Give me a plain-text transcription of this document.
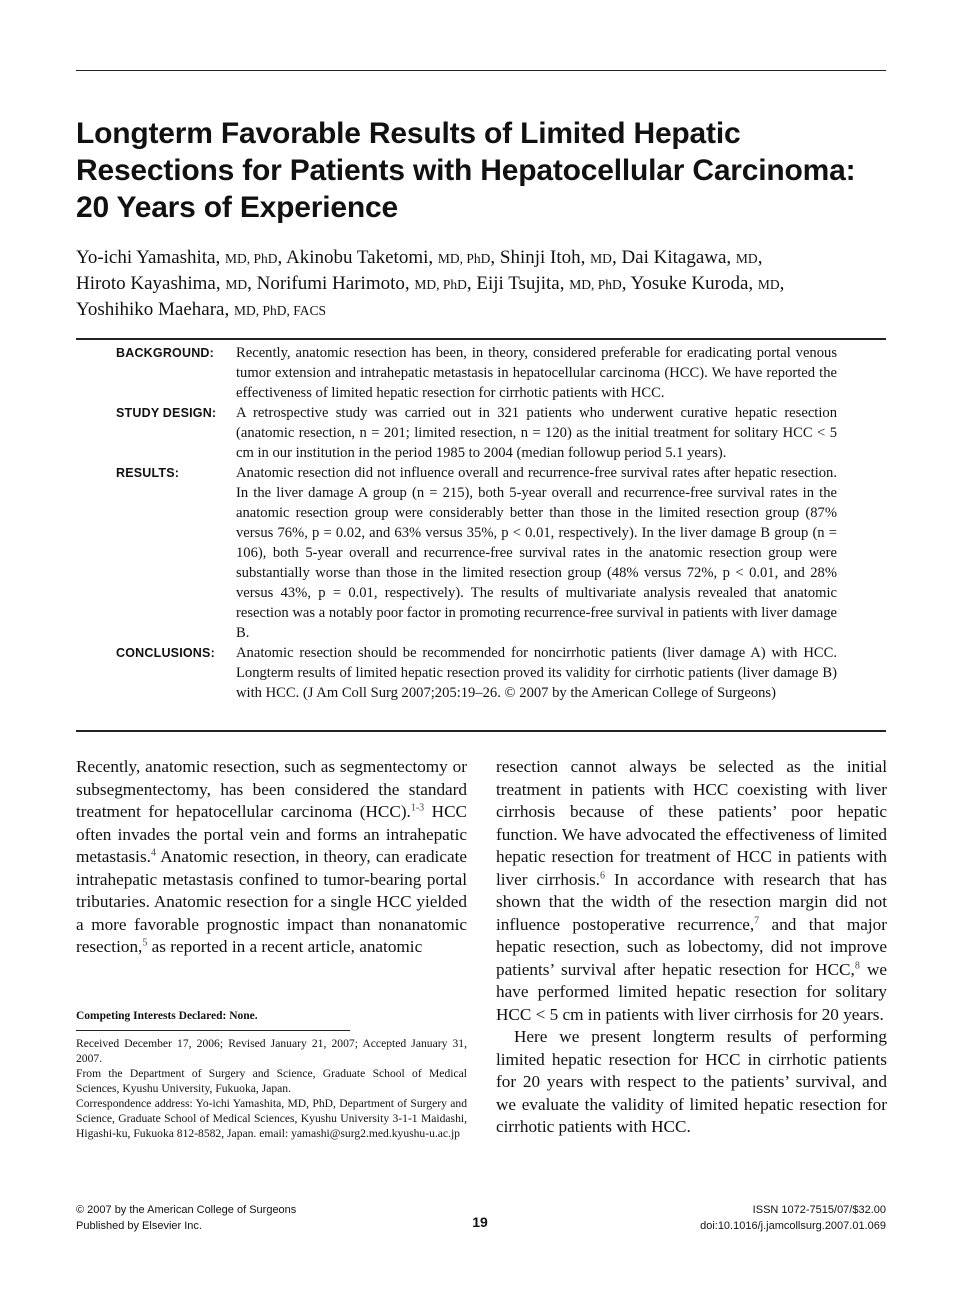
Longterm Favorable Results of Limited Hepatic Resections for Patients with Hepatocellular Carcinoma: 20 Years of Experience
Yo-ichi Yamashita, MD, PhD, Akinobu Taketomi, MD, PhD, Shinji Itoh, MD, Dai Kitagawa, MD,
Hiroto Kayashima, MD, Norifumi Harimoto, MD, PhD, Eiji Tsujita, MD, PhD, Yosuke Kuroda, MD,
Yoshihiko Maehara, MD, PhD, FACS
BACKGROUND:	Recently, anatomic resection has been, in theory, considered preferable for eradicating portal venous tumor extension and intrahepatic metastasis in hepatocellular carcinoma (HCC). We have reported the effectiveness of limited hepatic resection for cirrhotic patients with HCC.
STUDY DESIGN:	A retrospective study was carried out in 321 patients who underwent curative hepatic resection (anatomic resection, n = 201; limited resection, n = 120) as the initial treatment for solitary HCC < 5 cm in our institution in the period 1985 to 2004 (median followup period 5.1 years).
RESULTS:	Anatomic resection did not influence overall and recurrence-free survival rates after hepatic resection. In the liver damage A group (n = 215), both 5-year overall and recurrence-free survival rates in the anatomic resection group were considerably better than those in the limited resection group (87% versus 76%, p = 0.02, and 63% versus 35%, p < 0.01, respectively). In the liver damage B group (n = 106), both 5-year overall and recurrence-free survival rates in the anatomic resection group were substantially worse than those in the limited resection group (48% versus 72%, p < 0.01, and 28% versus 43%, p = 0.01, respectively). The results of multivariate analysis revealed that anatomic resection was a notably poor factor in promoting recurrence-free survival in patients with liver damage B.
CONCLUSIONS:	Anatomic resection should be recommended for noncirrhotic patients (liver damage A) with HCC. Longterm results of limited hepatic resection proved its validity for cirrhotic patients (liver damage B) with HCC. (J Am Coll Surg 2007;205:19–26. © 2007 by the American College of Surgeons)

Recently, anatomic resection, such as segmentectomy or subsegmentectomy, has been considered the standard treatment for hepatocellular carcinoma (HCC).$^{1-3}$ HCC often invades the portal vein and forms an intrahepatic metastasis.$^4$ Anatomic resection, in theory, can eradicate intrahepatic metastasis confined to tumor-bearing portal tributaries. Anatomic resection for a single HCC yielded a more favorable prognostic impact than nonanatomic resection,$^5$ as reported in a recent article, anatomic

resection cannot always be selected as the initial treatment in patients with HCC coexisting with liver cirrhosis because of these patients’ poor hepatic function. We have advocated the effectiveness of limited hepatic resection for treatment of HCC in patients with liver cirrhosis.$^6$ In accordance with research that has shown that the width of the resection margin did not influence postoperative recurrence,$^7$ and that major hepatic resection, such as lobectomy, did not improve patients’ survival after hepatic resection for HCC,$^8$ we have performed limited hepatic resection for solitary HCC < 5 cm in patients with liver cirrhosis for 20 years.

Here we present longterm results of performing limited hepatic resection for HCC in cirrhotic patients for 20 years with respect to the patients’ survival, and we evaluate the validity of limited hepatic resection for cirrhotic patients with HCC.

Competing Interests Declared: None.

Received December 17, 2006; Revised January 21, 2007; Accepted January 31, 2007.

From the Department of Surgery and Science, Graduate School of Medical Sciences, Kyushu University, Fukuoka, Japan.

Correspondence address: Yo-ichi Yamashita, MD, PhD, Department of Surgery and Science, Graduate School of Medical Sciences, Kyushu University 3-1-1 Maidashi, Higashi-ku, Fukuoka 812-8582, Japan. email: yamashi@surg2.med.kyushu-u.ac.jp

© 2007 by the American College of Surgeons
Published by Elsevier Inc.	19
ISSN 1072-7515/07/$32.00
doi:10.1016/j.jamcollsurg.2007.01.069
